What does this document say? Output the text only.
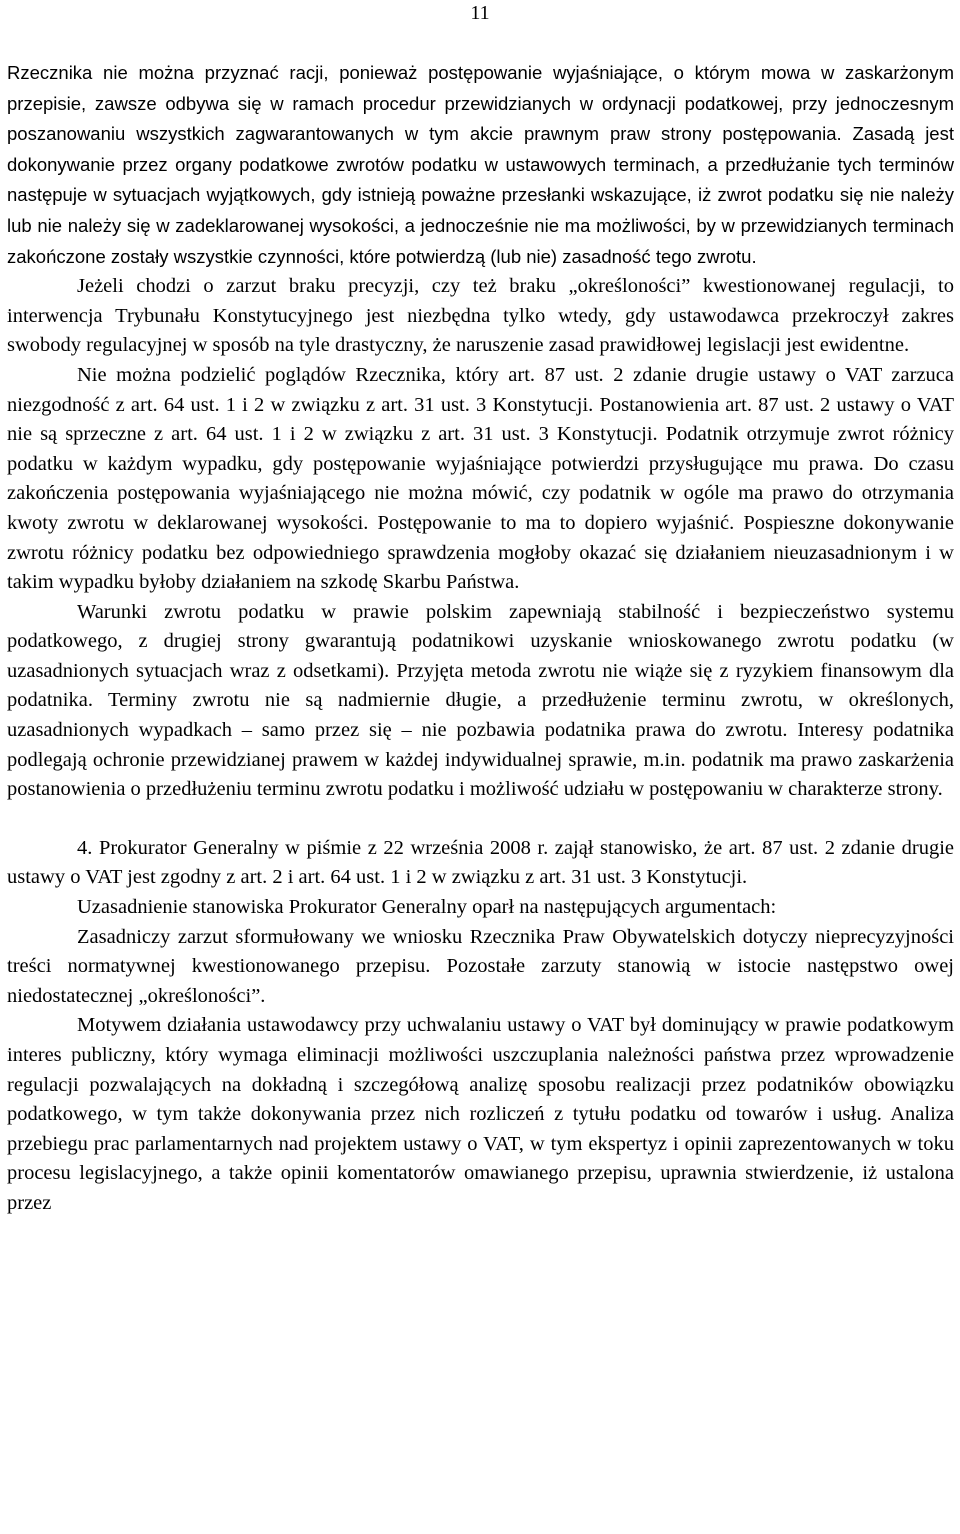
11

Rzecznika nie można przyznać racji, ponieważ postępowanie wyjaśniające, o którym mowa w zaskarżonym przepisie, zawsze odbywa się w ramach procedur przewidzianych w ordynacji podatkowej, przy jednoczesnym poszanowaniu wszystkich zagwarantowanych w tym akcie prawnym praw strony postępowania. Zasadą jest dokonywanie przez organy podatkowe zwrotów podatku w ustawowych terminach, a przedłużanie tych terminów następuje w sytuacjach wyjątkowych, gdy istnieją poważne przesłanki wskazujące, iż zwrot podatku się nie należy lub nie należy się w zadeklarowanej wysokości, a jednocześnie nie ma możliwości, by w przewidzianych terminach zakończone zostały wszystkie czynności, które potwierdzą (lub nie) zasadność tego zwrotu.

Jeżeli chodzi o zarzut braku precyzji, czy też braku „określoności” kwestionowanej regulacji, to interwencja Trybunału Konstytucyjnego jest niezbędna tylko wtedy, gdy ustawodawca przekroczył zakres swobody regulacyjnej w sposób na tyle drastyczny, że naruszenie zasad prawidłowej legislacji jest ewidentne.

Nie można podzielić poglądów Rzecznika, który art. 87 ust. 2 zdanie drugie ustawy o VAT zarzuca niezgodność z art. 64 ust. 1 i 2 w związku z art. 31 ust. 3 Konstytucji. Postanowienia art. 87 ust. 2 ustawy o VAT nie są sprzeczne z art. 64 ust. 1 i 2 w związku z art. 31 ust. 3 Konstytucji. Podatnik otrzymuje zwrot różnicy podatku w każdym wypadku, gdy postępowanie wyjaśniające potwierdzi przysługujące mu prawa. Do czasu zakończenia postępowania wyjaśniającego nie można mówić, czy podatnik w ogóle ma prawo do otrzymania kwoty zwrotu w deklarowanej wysokości. Postępowanie to ma to dopiero wyjaśnić. Pospieszne dokonywanie zwrotu różnicy podatku bez odpowiedniego sprawdzenia mogłoby okazać się działaniem nieuzasadnionym i w takim wypadku byłoby działaniem na szkodę Skarbu Państwa.

Warunki zwrotu podatku w prawie polskim zapewniają stabilność i bezpieczeństwo systemu podatkowego, z drugiej strony gwarantują podatnikowi uzyskanie wnioskowanego zwrotu podatku (w uzasadnionych sytuacjach wraz z odsetkami). Przyjęta metoda zwrotu nie wiąże się z ryzykiem finansowym dla podatnika. Terminy zwrotu nie są nadmiernie długie, a przedłużenie terminu zwrotu, w określonych, uzasadnionych wypadkach – samo przez się – nie pozbawia podatnika prawa do zwrotu. Interesy podatnika podlegają ochronie przewidzianej prawem w każdej indywidualnej sprawie, m.in. podatnik ma prawo zaskarżenia postanowienia o przedłużeniu terminu zwrotu podatku i możliwość udziału w postępowaniu w charakterze strony.

4. Prokurator Generalny w piśmie z 22 września 2008 r. zajął stanowisko, że art. 87 ust. 2 zdanie drugie ustawy o VAT jest zgodny z art. 2 i art. 64 ust. 1 i 2 w związku z art. 31 ust. 3 Konstytucji.

Uzasadnienie stanowiska Prokurator Generalny oparł na następujących argumentach:

Zasadniczy zarzut sformułowany we wniosku Rzecznika Praw Obywatelskich dotyczy nieprecyzyjności treści normatywnej kwestionowanego przepisu. Pozostałe zarzuty stanowią w istocie następstwo owej niedostatecznej „określoności”.

Motywem działania ustawodawcy przy uchwalaniu ustawy o VAT był dominujący w prawie podatkowym interes publiczny, który wymaga eliminacji możliwości uszczuplania należności państwa przez wprowadzenie regulacji pozwalających na dokładną i szczegółową analizę sposobu realizacji przez podatników obowiązku podatkowego, w tym także dokonywania przez nich rozliczeń z tytułu podatku od towarów i usług. Analiza przebiegu prac parlamentarnych nad projektem ustawy o VAT, w tym ekspertyz i opinii zaprezentowanych w toku procesu legislacyjnego, a także opinii komentatorów omawianego przepisu, uprawnia stwierdzenie, iż ustalona przez
